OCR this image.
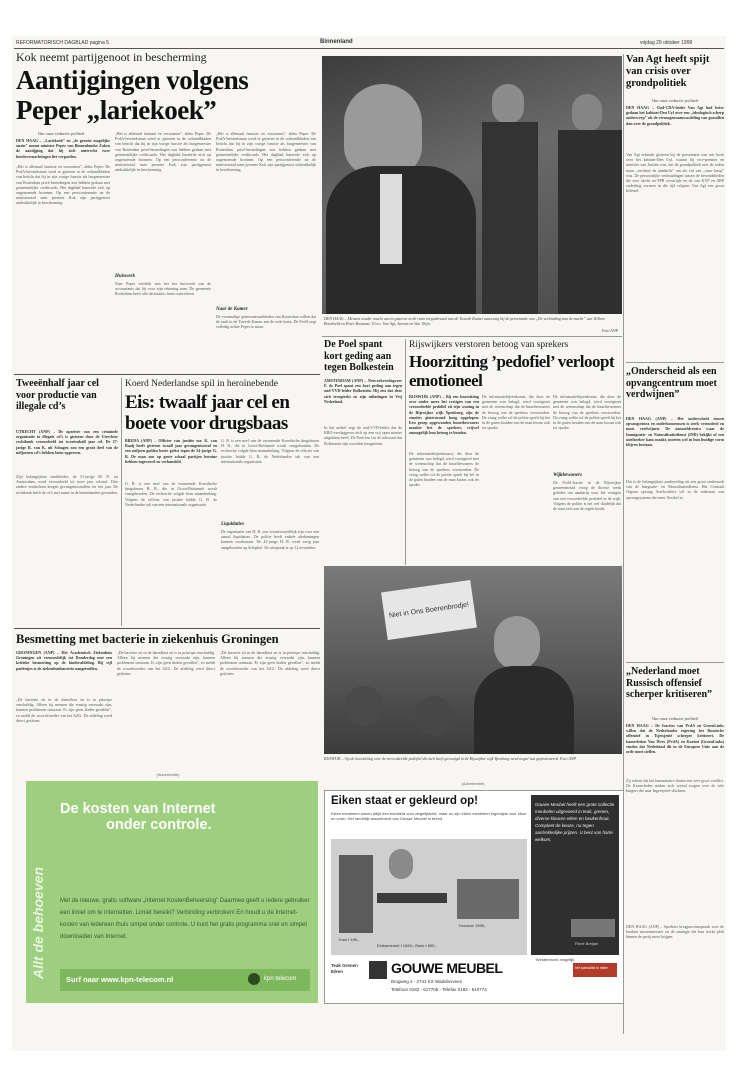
REFORMATORISCH DAGBLAD pagina 5	Binnenland	vrijdag 29 oktober 1999
Kok neemt partijgenoot in bescherming
Aantijgingen volgens
Peper „lariekoek”
Van onze redactie politiek
DEN HAAG – „Lariekoek” en „de grootst mogelijke onzin” noemt minister Peper van Binnenlandse Zaken de aantijging dat hij zich onterecht twee hotelovernachtingen liet vergoeden.
„Het is allemaal fantasie en verzonnen”, aldus Peper. De PvdA-bewindsman werd er gisteren in de ochtendbladen van beticht dat hij in zijn vorige functie als burgemeester van Rotterdam privé-bestedingen zou hebben gedaan met gemeentelijke creditcards. Het dagblad baseerde zich op ongenoemde bronnen. Op een persconferentie na de ministerraad nam premier Kok zijn partijgenoot uitdrukkelijk in bescherming.
„Het is allemaal fantasie en verzonnen”, aldus Peper. De PvdA-bewindsman werd er gisteren in de ochtendbladen van beticht dat hij in zijn vorige functie als burgemeester van Rotterdam privé-bestedingen zou hebben gedaan met gemeentelijke creditcards. Het dagblad baseerde zich op ongenoemde bronnen. Op een persconferentie na de ministerraad nam premier Kok zijn partijgenoot uitdrukkelijk in bescherming.
Huiswerk
Naar Peper vertelde was het het huiswerk van de accountants dat hij voor zijn rekening nam. De gemeente Rotterdam heeft alle declaraties laten controleren.
„Het is allemaal fantasie en verzonnen”, aldus Peper. De PvdA-bewindsman werd er gisteren in de ochtendbladen van beticht dat hij in zijn vorige functie als burgemeester van Rotterdam privé-bestedingen zou hebben gedaan met gemeentelijke creditcards. Het dagblad baseerde zich op ongenoemde bronnen. Op een persconferentie na de ministerraad nam premier Kok zijn partijgenoot uitdrukkelijk in bescherming.
Naar de Kamer
De voormalige gemeenteraadsleden van Rotterdam willen dat de zaak in de Tweede Kamer aan de orde komt. De PvdA zegt volledig achter Peper te staan.
DEN HAAG – Mensen zonder macht waren gisteren in de ruim vergaderzaal van de Tweede Kamer aanwezig bij de presentatie van „De verbinding aan de macht” van Willem Breedveld en Peter Bootsma. V.l.n.r. Van Agt, Aarsen en Van Thijn.
Foto ANP
Van Agt heeft spijt van crisis over grondpolitiek
Van onze redactie politiek
DEN HAAG – Oud-CDA-leider Van Agt had beter gedaan het kabinet-Den Uyl over een „ideologisch scherp onderwerp” als de vermogensaanwasdeling van grasallen dan over de grondpolitiek.
Van Agt erkende gisteren bij de presentatie van een boek over het kabinet-Den Uyl, waarin hij vice-premier en minister van Justitie was, dat de grondpolitiek niet de zeden maar „verdient de aandacht” om als val van „onze knop” was. De persoonlijke verhoudingen tussen de bewindslieden die zeer slecht en PPR overtrijds en de van KVP en ARP onderling vormen in die tijd volgens Van Agt een groot beletsel.
Tweeënhalf jaar cel voor productie van illegale cd’s
UTRECHT (ANP) – De opzetter van een criminele organisatie in illegale cd’s is gisteren door de Utrechtse rechtbank veroordeeld tot tweeëenhalf jaar cel. De 27-jarige R. van K. uit Schagen zou een groot deel van de miljoenen cd’s hebben laten oppersen.
Zijn belangrijkste medeleider, de 31-jarige M. N. uit Amsterdam, werd veroordeeld tot twee jaar celstraf. Drie andere verdachten kregen gevangenisstraffen tot een jaar. De rechtbank heeft de cd’s met name in de buitenlanden gevonden.
Koerd Nederlandse spil in heroïnebende
Eis: twaalf jaar cel en
boete voor drugsbaas
BREDA (ANP) – Officier van justitie mr. K. van Raaij heeft gisteren twaalf jaar gevangenisstraf en een miljoen gulden boete geëist tegen de 54-jarige G. B. De man zou op grote schaal partijen heroïne hebben ingevoerd en verhandeld.
G. B. is een neef van de vermeende Koerdische drugsbaron H. B., die in Groot-Brittannië wordt vastgehouden. De recherche volgde hem maandenlang. Volgens de officier van justitie leidde G. B. de Nederlandse tak van een internationale organisatie.
G. B. is een neef van de vermeende Koerdische drugsbaron H. B., die in Groot-Brittannië wordt vastgehouden. De recherche volgde hem maandenlang. Volgens de officier van justitie leidde G. B. de Nederlandse tak van een internationale organisatie.
Liquidaties
De organisatie van H. B. zou verantwoordelijk zijn voor een aantal liquidaties. De politie heeft enkele afrekeningen kunnen voorkomen. De 43-jarige H. B. werd vorig jaar aangehouden op Schiphol. De uitspraak is op 12 november.
De Poel spant kort geding aan tegen Bolkestein
AMSTERDAM (ANP) – Netwerkverdagvoer F. de Poel spant een kort geding aan tegen oud-VVD-leider Bolkestein. Hij eist dat deze zich terugtrekt en zijn uitlatingen in Vrij Nederland.
In het artikel zegt de oud-VVD-leider dat de KRO-verslaggever zich op een vrij open manier uitgelaten heeft. De Poel eist via de advocaat dat Bolkestein zijn woorden terugneemt.
Rijswijkers verstoren betoog van sprekers
Hoorzitting ’pedofiel’ verloopt emotioneel
RIJSWIJK (ANP) – Bij een hoorzitting over onder meer het vestigen van een veroordeelde pedofiel zit zijn woning in de Rijswijkse wijk Ypenburg, zijn de emoties gisteravond hoog opgelopen. Een groep opgewonden buurtbewoners maakte het de sprekers vrijwel onmogelijk hun betoog te houden.
De informatiebijeenkomst, die door de gemeente was belegd, werd voortgezet met de wetenschap dat de buurtbewoners de betoog van de sprekers verstoorden. De vraag welke rol de politie speelt bij het in de gaten houden van de man kwam ook ter sprake.
De informatiebijeenkomst, die door de gemeente was belegd, werd voortgezet met de wetenschap dat de buurtbewoners de betoog van de sprekers verstoorden. De vraag welke rol de politie speelt bij het in de gaten houden van de man kwam ook ter sprake.
De informatiebijeenkomst, die door de gemeente was belegd, werd voortgezet met de wetenschap dat de buurtbewoners de betoog van de sprekers verstoorden. De vraag welke rol de politie speelt bij het in de gaten houden van de man kwam ook ter sprake.
Wijkbewoners
De PvdA-fractie in de Rijswijkse gemeenteraad vroeg de directe week geleden om aandacht voor het vestigen van een veroordeelde pedofiel in de wijk. Volgens de politie is het wel duidelijk dat de man zich aan de regels houdt.
Niet in Ons Boerenbrodje!
RIJSWIJK – Op de hoorzitting over de veroordeelde pedofiel die zich heeft gevestigd in de Rijswijkse wijk Ypenburg werd nogal wat geprotesteerd. Foto ANP
„Onderscheid als een opvangcentrum moet verdwijnen”
DEN HAAG (ANP) – Het onderscheid tussen opvangcentra en onderkomenssen is sterk verouderd en moet verdwijnen. De aanmeldcentra waar de Immigratie- en Naturalisatiedienst (IND) bekijkt of een asielzoeker kans maakt, moeten wel in hun huidige vorm blijven bestaan.
Dat is de belangrijkste aanbeveling uit een groot onderzoek van de Integratie- en Naturalisatiedienst. Het Centraal Orgaan opvang Asielzoekers wil in de toekomst een opvangsysteem dat meer flexibel is.
„Nederland moet Russisch offensief scherper kritiseren”
Van onze redactie politiek
DEN HAAG – De fracties van PvdA en GroenLinks willen dat de Nederlandse regering het Russische offensief in Tsjetsjenië scherper kritiseert. De kamerleden Van Wees (PvdA) en Karimi (GroenLinks) vinden dat Nederland dit in de Europese Unie aan de orde moet stellen.
Zij achten dat het humanitaire drama een zeer groot conflict. De Kamerleden maken zich vooral zorgen over de vele burgers die naar Ingoesjetië vluchten.
DEN HAAG (ANP) – Sprekers brugprocensopraak voor de honkrei missenmeester en de strategie die hun sterke plek binnen de partij moet krijgen.
Besmetting met bacterie in ziekenhuis Groningen
GRONINGEN (ANP) – Het Academisch Ziekenhuis Groningen zit vermoedelijk tot Donderdag met een kritieke besmetting op de kinderafdeling. Bij vijf patiëntjes is de ziekenhuisbacterie aangetroffen.
„De bacterie zit in de darmflora en is in principe onschuldig. Alleen bij mensen die ernstig verzwakt zijn, kunnen problemen ontstaan. Er zijn geen doden gevallen”, zo meldt de woordvoerder van het AZG. De afdeling werd direct gesloten.
„De bacterie zit in de darmflora en is in principe onschuldig. Alleen bij mensen die ernstig verzwakt zijn, kunnen problemen ontstaan. Er zijn geen doden gevallen”, zo meldt de woordvoerder van het AZG. De afdeling werd direct gesloten.
„De bacterie zit in de darmflora en is in principe onschuldig. Alleen bij mensen die ernstig verzwakt zijn, kunnen problemen ontstaan. Er zijn geen doden gevallen”, zo meldt de woordvoerder van het AZG. De afdeling werd direct gesloten.
(Advertentie)
Allt de behoeven
De kosten van Internet
onder controle.
Met de nieuwe, gratis software „Internet KostenBeheersing” Daarmee geeft u iedere gebruiker een limiet om te internetten. Limiet bereikt? Verbinding verbroken! En houdt u de Internet-kosten van iedereen thuis simpel onder controle. U kunt het gratis programma snel en simpel downloaden van Internet.
Surf naar www.kpn-telecom.nl	kpn telecom
(Advertentie)
Eiken staat er gekleurd op!
Eiken meubelen waren altijd een boetheid voor degelijkheid, maar nu zijn eiken meubelen eigentijds voor kleur en vorm. Het landelijk assortiment van Gouwe Meubel is breed.
Dressoir 1395,-
Kast f 495,-
Eetkamerset f 1695,- Bank f 895,-
Gouwe Meubel heeft een grote collectie meubelen uitgevoerd in teak, grenen, diverse kleuren eiken en beukenhout. Compleet de keuze, nu tegen aantrekkelijke prijzen. U bent van harte welkom.
René Breijan
‘Westerbroek mogelijk
Teak Grenen Eiken	GOUWE MEUBEL	het specialist in eiken
Brugweg 2 - 2741 KX Waddinxveen
Telefoon 0182 - 617705 - Telefax 0182 - 610774
